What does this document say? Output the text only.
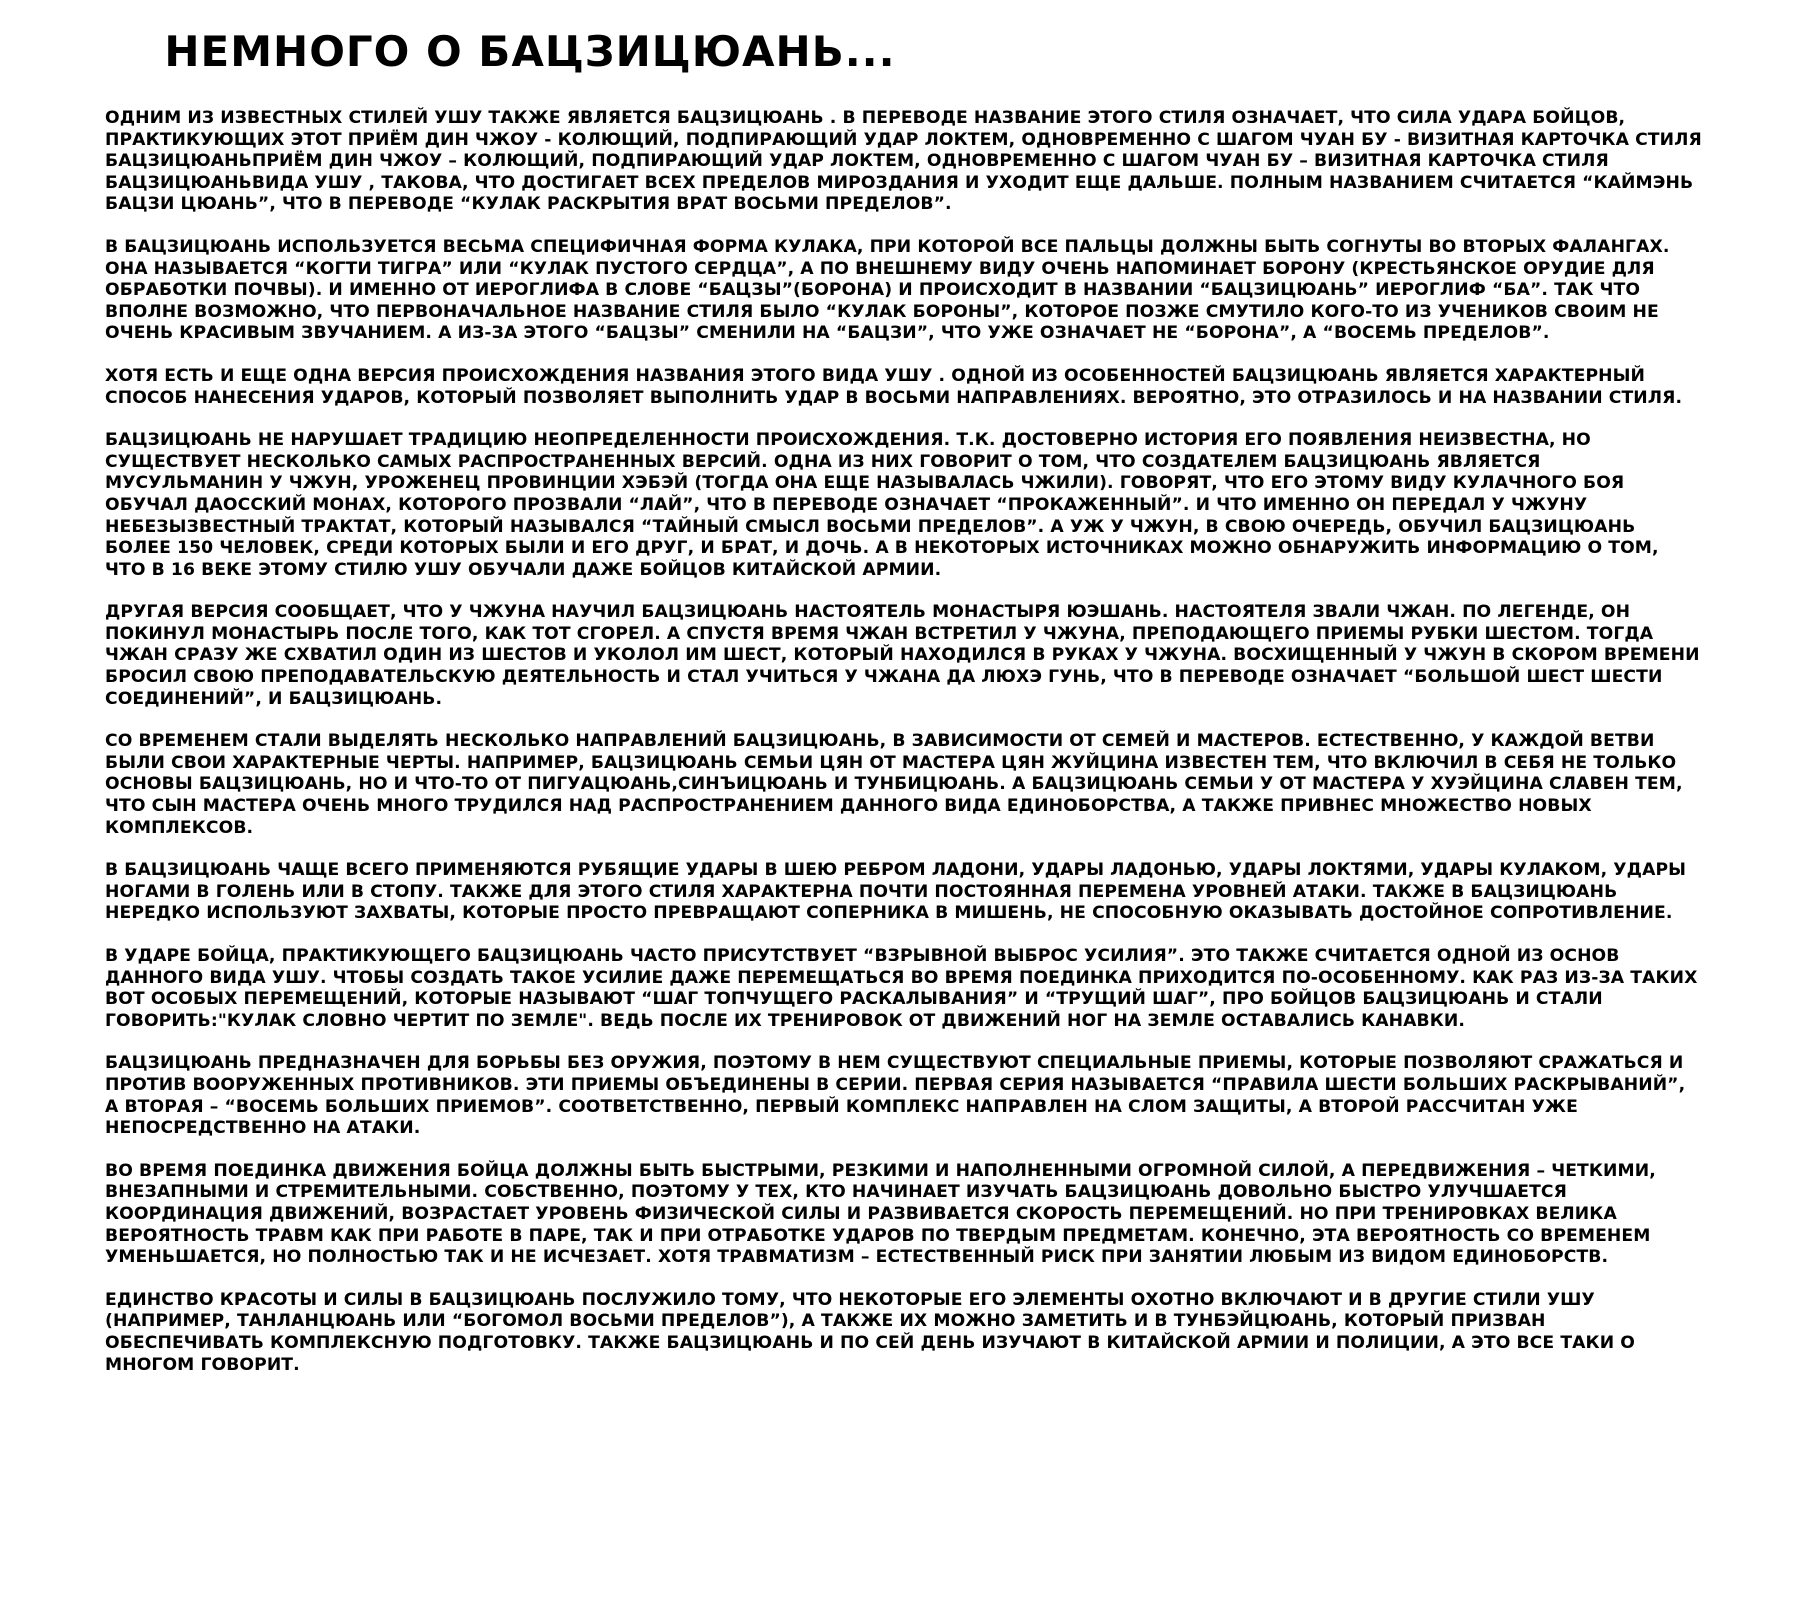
НЕМНОГО О БАЦЗИЦЮАНЬ...

ОДНИМ ИЗ ИЗВЕСТНЫХ СТИЛЕЙ УШУ ТАКЖЕ ЯВЛЯЕТСЯ БАЦЗИЦЮАНЬ . В ПЕРЕВОДЕ НАЗВАНИЕ ЭТОГО СТИЛЯ ОЗНАЧАЕТ, ЧТО СИЛА УДАРА БОЙЦОВ, ПРАКТИКУЮЩИХ ЭТОТ ПРИЁМ ДИН ЧЖОУ - КОЛЮЩИЙ, ПОДПИРАЮЩИЙ УДАР ЛОКТЕМ, ОДНОВРЕМЕННО С ШАГОМ ЧУАН БУ - ВИЗИТНАЯ КАРТОЧКА СТИЛЯ БАЦЗИЦЮАНЬПРИЁМ ДИН ЧЖОУ – КОЛЮЩИЙ, ПОДПИРАЮЩИЙ УДАР ЛОКТЕМ, ОДНОВРЕМЕННО С ШАГОМ ЧУАН БУ – ВИЗИТНАЯ КАРТОЧКА СТИЛЯ БАЦЗИЦЮАНЬВИДА УШУ , ТАКОВА, ЧТО ДОСТИГАЕТ ВСЕХ ПРЕДЕЛОВ МИРОЗДАНИЯ И УХОДИТ ЕЩЕ ДАЛЬШЕ. ПОЛНЫМ НАЗВАНИЕМ СЧИТАЕТСЯ “КАЙМЭНЬ БАЦЗИ ЦЮАНЬ”, ЧТО В ПЕРЕВОДЕ “КУЛАК РАСКРЫТИЯ ВРАТ ВОСЬМИ ПРЕДЕЛОВ”.

В БАЦЗИЦЮАНЬ ИСПОЛЬЗУЕТСЯ ВЕСЬМА СПЕЦИФИЧНАЯ ФОРМА КУЛАКА, ПРИ КОТОРОЙ ВСЕ ПАЛЬЦЫ ДОЛЖНЫ БЫТЬ СОГНУТЫ ВО ВТОРЫХ ФАЛАНГАХ. ОНА НАЗЫВАЕТСЯ “КОГТИ ТИГРА” ИЛИ “КУЛАК ПУСТОГО СЕРДЦА”, А ПО ВНЕШНЕМУ ВИДУ ОЧЕНЬ НАПОМИНАЕТ БОРОНУ (КРЕСТЬЯНСКОЕ ОРУДИЕ ДЛЯ ОБРАБОТКИ ПОЧВЫ). И ИМЕННО ОТ ИЕРОГЛИФА В СЛОВЕ “БАЦЗЫ”(БОРОНА) И ПРОИСХОДИТ В НАЗВАНИИ “БАЦЗИЦЮАНЬ” ИЕРОГЛИФ “БА”. ТАК ЧТО ВПОЛНЕ ВОЗМОЖНО, ЧТО ПЕРВОНАЧАЛЬНОЕ НАЗВАНИЕ СТИЛЯ БЫЛО “КУЛАК БОРОНЫ”, КОТОРОЕ ПОЗЖЕ СМУТИЛО КОГО-ТО ИЗ УЧЕНИКОВ СВОИМ НЕ ОЧЕНЬ КРАСИВЫМ ЗВУЧАНИЕМ. А ИЗ-ЗА ЭТОГО “БАЦЗЫ” СМЕНИЛИ НА “БАЦЗИ”, ЧТО УЖЕ ОЗНАЧАЕТ НЕ “БОРОНА”, А “ВОСЕМЬ ПРЕДЕЛОВ”.

ХОТЯ ЕСТЬ И ЕЩЕ ОДНА ВЕРСИЯ ПРОИСХОЖДЕНИЯ НАЗВАНИЯ ЭТОГО ВИДА УШУ . ОДНОЙ ИЗ ОСОБЕННОСТЕЙ БАЦЗИЦЮАНЬ ЯВЛЯЕТСЯ ХАРАКТЕРНЫЙ СПОСОБ НАНЕСЕНИЯ УДАРОВ, КОТОРЫЙ ПОЗВОЛЯЕТ ВЫПОЛНИТЬ УДАР В ВОСЬМИ НАПРАВЛЕНИЯХ. ВЕРОЯТНО, ЭТО ОТРАЗИЛОСЬ И НА НАЗВАНИИ СТИЛЯ.

БАЦЗИЦЮАНЬ НЕ НАРУШАЕТ ТРАДИЦИЮ НЕОПРЕДЕЛЕННОСТИ ПРОИСХОЖДЕНИЯ. Т.К. ДОСТОВЕРНО ИСТОРИЯ ЕГО ПОЯВЛЕНИЯ НЕИЗВЕСТНА, НО СУЩЕСТВУЕТ НЕСКОЛЬКО САМЫХ РАСПРОСТРАНЕННЫХ ВЕРСИЙ. ОДНА ИЗ НИХ ГОВОРИТ О ТОМ, ЧТО СОЗДАТЕЛЕМ БАЦЗИЦЮАНЬ ЯВЛЯЕТСЯ МУСУЛЬМАНИН У ЧЖУН, УРОЖЕНЕЦ ПРОВИНЦИИ ХЭБЭЙ (ТОГДА ОНА ЕЩЕ НАЗЫВАЛАСЬ ЧЖИЛИ). ГОВОРЯТ, ЧТО ЕГО ЭТОМУ ВИДУ КУЛАЧНОГО БОЯ ОБУЧАЛ ДАОССКИЙ МОНАХ, КОТОРОГО ПРОЗВАЛИ “ЛАЙ”, ЧТО В ПЕРЕВОДЕ ОЗНАЧАЕТ “ПРОКАЖЕННЫЙ”. И ЧТО ИМЕННО ОН ПЕРЕДАЛ У ЧЖУНУ НЕБЕЗЫЗВЕСТНЫЙ ТРАКТАТ, КОТОРЫЙ НАЗЫВАЛСЯ “ТАЙНЫЙ СМЫСЛ ВОСЬМИ ПРЕДЕЛОВ”. А УЖ У ЧЖУН, В СВОЮ ОЧЕРЕДЬ, ОБУЧИЛ БАЦЗИЦЮАНЬ БОЛЕЕ 150 ЧЕЛОВЕК, СРЕДИ КОТОРЫХ БЫЛИ И ЕГО ДРУГ, И БРАТ, И ДОЧЬ. А В НЕКОТОРЫХ ИСТОЧНИКАХ МОЖНО ОБНАРУЖИТЬ ИНФОРМАЦИЮ О ТОМ, ЧТО В 16 ВЕКЕ ЭТОМУ СТИЛЮ УШУ ОБУЧАЛИ ДАЖЕ БОЙЦОВ КИТАЙСКОЙ АРМИИ.

ДРУГАЯ ВЕРСИЯ СООБЩАЕТ, ЧТО У ЧЖУНА НАУЧИЛ БАЦЗИЦЮАНЬ НАСТОЯТЕЛЬ МОНАСТЫРЯ ЮЭШАНЬ. НАСТОЯТЕЛЯ ЗВАЛИ ЧЖАН. ПО ЛЕГЕНДЕ, ОН ПОКИНУЛ МОНАСТЫРЬ ПОСЛЕ ТОГО, КАК ТОТ СГОРЕЛ. А СПУСТЯ ВРЕМЯ ЧЖАН ВСТРЕТИЛ У ЧЖУНА, ПРЕПОДАЮЩЕГО ПРИЕМЫ РУБКИ ШЕСТОМ. ТОГДА ЧЖАН СРАЗУ ЖЕ СХВАТИЛ ОДИН ИЗ ШЕСТОВ И УКОЛОЛ ИМ ШЕСТ, КОТОРЫЙ НАХОДИЛСЯ В РУКАХ У ЧЖУНА. ВОСХИЩЕННЫЙ У ЧЖУН В СКОРОМ ВРЕМЕНИ БРОСИЛ СВОЮ ПРЕПОДАВАТЕЛЬСКУЮ ДЕЯТЕЛЬНОСТЬ И СТАЛ УЧИТЬСЯ У ЧЖАНА ДА ЛЮХЭ ГУНЬ, ЧТО В ПЕРЕВОДЕ ОЗНАЧАЕТ “БОЛЬШОЙ ШЕСТ ШЕСТИ СОЕДИНЕНИЙ”, И БАЦЗИЦЮАНЬ.

СО ВРЕМЕНЕМ СТАЛИ ВЫДЕЛЯТЬ НЕСКОЛЬКО НАПРАВЛЕНИЙ БАЦЗИЦЮАНЬ, В ЗАВИСИМОСТИ ОТ СЕМЕЙ И МАСТЕРОВ. ЕСТЕСТВЕННО, У КАЖДОЙ ВЕТВИ БЫЛИ СВОИ ХАРАКТЕРНЫЕ ЧЕРТЫ. НАПРИМЕР, БАЦЗИЦЮАНЬ СЕМЬИ ЦЯН ОТ МАСТЕРА ЦЯН ЖУЙЦИНА ИЗВЕСТЕН ТЕМ, ЧТО ВКЛЮЧИЛ В СЕБЯ НЕ ТОЛЬКО ОСНОВЫ БАЦЗИЦЮАНЬ, НО И ЧТО-ТО ОТ ПИГУАЦЮАНЬ,СИНЪИЦЮАНЬ И ТУНБИЦЮАНЬ. А БАЦЗИЦЮАНЬ СЕМЬИ У ОТ МАСТЕРА У ХУЭЙЦИНА СЛАВЕН ТЕМ, ЧТО СЫН МАСТЕРА ОЧЕНЬ МНОГО ТРУДИЛСЯ НАД РАСПРОСТРАНЕНИЕМ ДАННОГО ВИДА ЕДИНОБОРСТВА, А ТАКЖЕ ПРИВНЕС МНОЖЕСТВО НОВЫХ КОМПЛЕКСОВ.

В БАЦЗИЦЮАНЬ ЧАЩЕ ВСЕГО ПРИМЕНЯЮТСЯ РУБЯЩИЕ УДАРЫ В ШЕЮ РЕБРОМ ЛАДОНИ, УДАРЫ ЛАДОНЬЮ, УДАРЫ ЛОКТЯМИ, УДАРЫ КУЛАКОМ, УДАРЫ НОГАМИ В ГОЛЕНЬ ИЛИ В СТОПУ. ТАКЖЕ ДЛЯ ЭТОГО СТИЛЯ ХАРАКТЕРНА ПОЧТИ ПОСТОЯННАЯ ПЕРЕМЕНА УРОВНЕЙ АТАКИ. ТАКЖЕ В БАЦЗИЦЮАНЬ НЕРЕДКО ИСПОЛЬЗУЮТ ЗАХВАТЫ, КОТОРЫЕ ПРОСТО ПРЕВРАЩАЮТ СОПЕРНИКА В МИШЕНЬ, НЕ СПОСОБНУЮ ОКАЗЫВАТЬ ДОСТОЙНОЕ СОПРОТИВЛЕНИЕ.

В УДАРЕ БОЙЦА, ПРАКТИКУЮЩЕГО БАЦЗИЦЮАНЬ ЧАСТО ПРИСУТСТВУЕТ “ВЗРЫВНОЙ ВЫБРОС УСИЛИЯ”. ЭТО ТАКЖЕ СЧИТАЕТСЯ ОДНОЙ ИЗ ОСНОВ ДАННОГО ВИДА УШУ. ЧТОБЫ СОЗДАТЬ ТАКОЕ УСИЛИЕ ДАЖЕ ПЕРЕМЕЩАТЬСЯ ВО ВРЕМЯ ПОЕДИНКА ПРИХОДИТСЯ ПО-ОСОБЕННОМУ. КАК РАЗ ИЗ-ЗА ТАКИХ ВОТ ОСОБЫХ ПЕРЕМЕЩЕНИЙ, КОТОРЫЕ НАЗЫВАЮТ “ШАГ ТОПЧУЩЕГО РАСКАЛЫВАНИЯ” И “ТРУЩИЙ ШАГ”, ПРО БОЙЦОВ БАЦЗИЦЮАНЬ И СТАЛИ ГОВОРИТЬ:"КУЛАК СЛОВНО ЧЕРТИТ ПО ЗЕМЛЕ". ВЕДЬ ПОСЛЕ ИХ ТРЕНИРОВОК ОТ ДВИЖЕНИЙ НОГ НА ЗЕМЛЕ ОСТАВАЛИСЬ КАНАВКИ.

БАЦЗИЦЮАНЬ ПРЕДНАЗНАЧЕН ДЛЯ БОРЬБЫ БЕЗ ОРУЖИЯ, ПОЭТОМУ В НЕМ СУЩЕСТВУЮТ СПЕЦИАЛЬНЫЕ ПРИЕМЫ, КОТОРЫЕ ПОЗВОЛЯЮТ СРАЖАТЬСЯ И ПРОТИВ ВООРУЖЕННЫХ ПРОТИВНИКОВ. ЭТИ ПРИЕМЫ ОБЪЕДИНЕНЫ В СЕРИИ. ПЕРВАЯ СЕРИЯ НАЗЫВАЕТСЯ “ПРАВИЛА ШЕСТИ БОЛЬШИХ РАСКРЫВАНИЙ”, А ВТОРАЯ – “ВОСЕМЬ БОЛЬШИХ ПРИЕМОВ”. СООТВЕТСТВЕННО, ПЕРВЫЙ КОМПЛЕКС НАПРАВЛЕН НА СЛОМ ЗАЩИТЫ, А ВТОРОЙ РАССЧИТАН УЖЕ НЕПОСРЕДСТВЕННО НА АТАКИ.

ВО ВРЕМЯ ПОЕДИНКА ДВИЖЕНИЯ БОЙЦА ДОЛЖНЫ БЫТЬ БЫСТРЫМИ, РЕЗКИМИ И НАПОЛНЕННЫМИ ОГРОМНОЙ СИЛОЙ, А ПЕРЕДВИЖЕНИЯ – ЧЕТКИМИ, ВНЕЗАПНЫМИ И СТРЕМИТЕЛЬНЫМИ. СОБСТВЕННО, ПОЭТОМУ У ТЕХ, КТО НАЧИНАЕТ ИЗУЧАТЬ БАЦЗИЦЮАНЬ ДОВОЛЬНО БЫСТРО УЛУЧШАЕТСЯ КООРДИНАЦИЯ ДВИЖЕНИЙ, ВОЗРАСТАЕТ УРОВЕНЬ ФИЗИЧЕСКОЙ СИЛЫ И РАЗВИВАЕТСЯ СКОРОСТЬ ПЕРЕМЕЩЕНИЙ. НО ПРИ ТРЕНИРОВКАХ ВЕЛИКА ВЕРОЯТНОСТЬ ТРАВМ КАК ПРИ РАБОТЕ В ПАРЕ, ТАК И ПРИ ОТРАБОТКЕ УДАРОВ ПО ТВЕРДЫМ ПРЕДМЕТАМ. КОНЕЧНО, ЭТА ВЕРОЯТНОСТЬ СО ВРЕМЕНЕМ УМЕНЬШАЕТСЯ, НО ПОЛНОСТЬЮ ТАК И НЕ ИСЧЕЗАЕТ. ХОТЯ ТРАВМАТИЗМ – ЕСТЕСТВЕННЫЙ РИСК ПРИ ЗАНЯТИИ ЛЮБЫМ ИЗ ВИДОМ ЕДИНОБОРСТВ.

ЕДИНСТВО КРАСОТЫ И СИЛЫ В БАЦЗИЦЮАНЬ ПОСЛУЖИЛО ТОМУ, ЧТО НЕКОТОРЫЕ ЕГО ЭЛЕМЕНТЫ ОХОТНО ВКЛЮЧАЮТ И В ДРУГИЕ СТИЛИ УШУ (НАПРИМЕР, ТАНЛАНЦЮАНЬ ИЛИ “БОГОМОЛ ВОСЬМИ ПРЕДЕЛОВ”), А ТАКЖЕ ИХ МОЖНО ЗАМЕТИТЬ И В ТУНБЭЙЦЮАНЬ, КОТОРЫЙ ПРИЗВАН ОБЕСПЕЧИВАТЬ КОМПЛЕКСНУЮ ПОДГОТОВКУ. ТАКЖЕ БАЦЗИЦЮАНЬ И ПО СЕЙ ДЕНЬ ИЗУЧАЮТ В КИТАЙСКОЙ АРМИИ И ПОЛИЦИИ, А ЭТО ВСЕ ТАКИ О МНОГОМ ГОВОРИТ.
